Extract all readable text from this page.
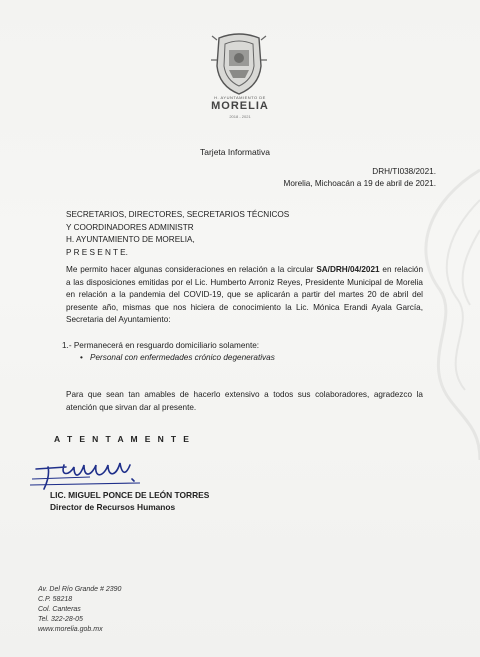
H. AYUNTAMIENTO DE
MORELIA
2018 - 2021
Tarjeta Informativa
DRH/TI038/2021.
Morelia, Michoacán a 19 de abril de 2021.
SECRETARIOS, DIRECTORES, SECRETARIOS TÉCNICOS
Y COORDINADORES ADMINISTR
H. AYUNTAMIENTO DE MORELIA,
P R E S E N T E.
Me permito hacer algunas consideraciones en relación a la circular SA/DRH/04/2021 en relación a las disposiciones emitidas por el Lic. Humberto Arroniz Reyes, Presidente Municipal de Morelia en relación a la pandemia del COVID-19, que se aplicarán a partir del martes 20 de abril del presente año, mismas que nos hiciera de conocimiento la Lic. Mónica Erandi Ayala García, Secretaria del Ayuntamiento:
1.- Permanecerá en resguardo domiciliario solamente:
• Personal con enfermedades crónico degenerativas
Para que sean tan amables de hacerlo extensivo a todos sus colaboradores, agradezco la atención que sirvan dar al presente.
A T E N T A M E N T E
LIC. MIGUEL PONCE DE LEÓN TORRES
Director de Recursos Humanos
Av. Del Río Grande # 2390
C.P. 58218
Col. Canteras
Tel. 322-28-05
www.morelia.gob.mx
